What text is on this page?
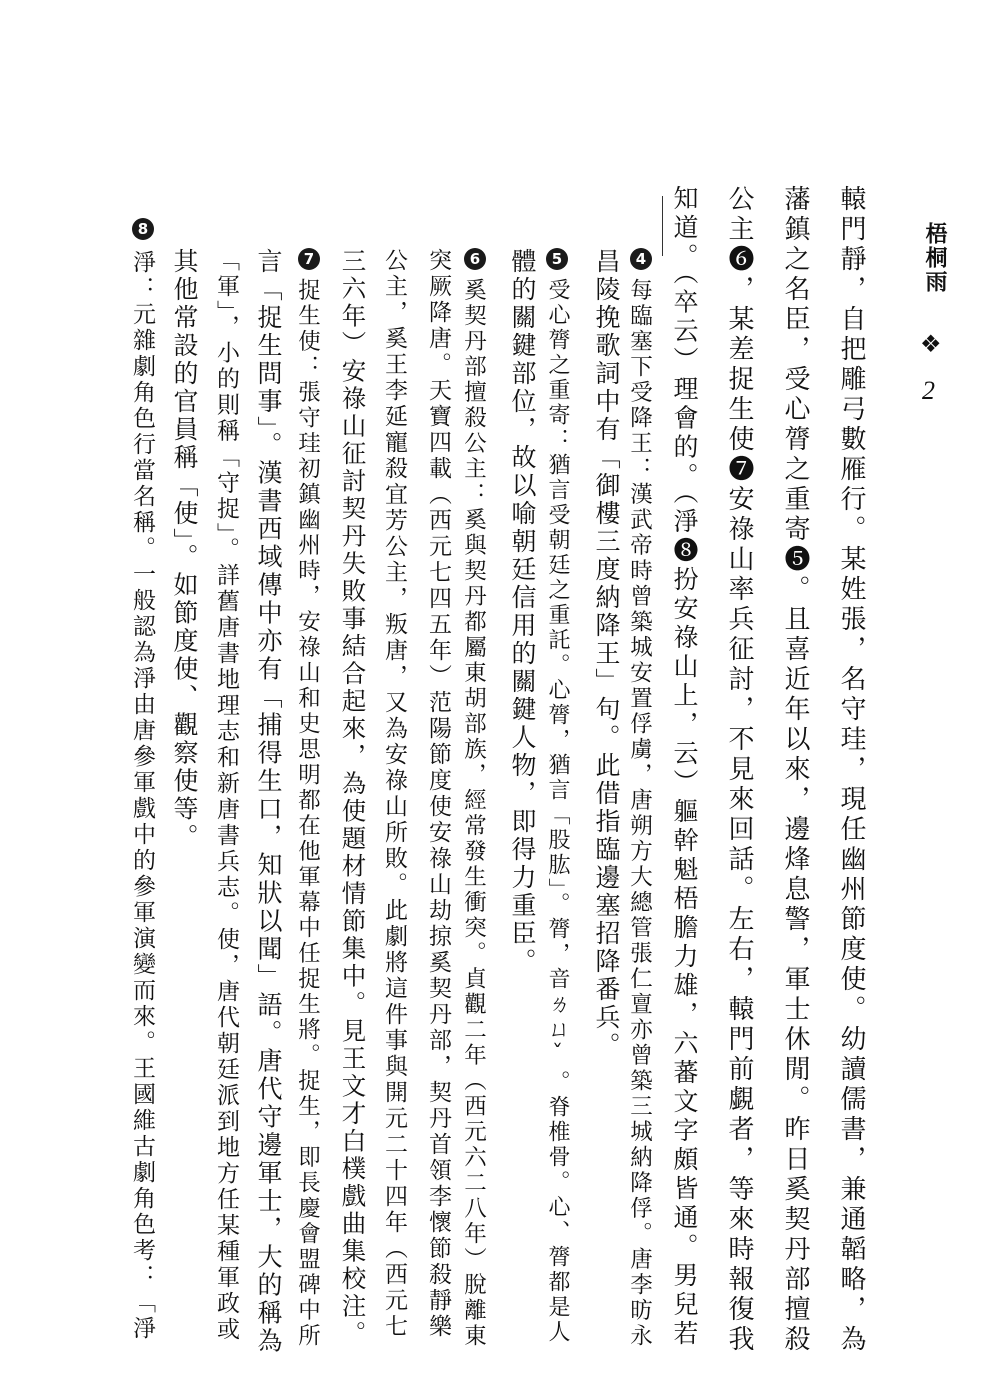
梧桐雨
❖
2
轅門靜，自把雕弓數雁行。某姓張，名守珪，現任幽州節度使。幼讀儒書，兼通韜略，為
藩鎮之名臣，受心膂之重寄❺。且喜近年以來，邊烽息警，軍士休閒。昨日奚契丹部擅殺
公主❻，某差捉生使❼安祿山率兵征討，不見來回話。左右，轅門前覷者，等來時報復我
知道。（卒云）理會的。（淨❽扮安祿山上，云）軀幹魁梧膽力雄，六蕃文字頗皆通。男兒若
4
每臨塞下受降王：漢武帝時曾築城安置俘虜，唐朔方大總管張仁亶亦曾築三城納降俘。唐李昉永
昌陵挽歌詞中有「御樓三度納降王」句。此借指臨邊塞招降番兵。
5
受心膂之重寄：猶言受朝廷之重託。心膂，猶言「股肱」。膂，音ㄌㄩˇ。脊椎骨。心、膂都是人
體的關鍵部位，故以喻朝廷信用的關鍵人物，即得力重臣。
6
奚契丹部擅殺公主：奚與契丹都屬東胡部族，經常發生衝突。貞觀二年（西元六二八年）脫離東
突厥降唐。天寶四載（西元七四五年）范陽節度使安祿山劫掠奚契丹部，契丹首領李懷節殺靜樂
公主，奚王李延寵殺宜芳公主，叛唐，又為安祿山所敗。此劇將這件事與開元二十四年（西元七
三六年）安祿山征討契丹失敗事結合起來，為使題材情節集中。見王文才白樸戲曲集校注。
7
捉生使：張守珪初鎮幽州時，安祿山和史思明都在他軍幕中任捉生將。捉生，即長慶會盟碑中所
言「捉生問事」。漢書西域傳中亦有「捕得生口，知狀以聞」語。唐代守邊軍士，大的稱為
「軍」，小的則稱「守捉」。詳舊唐書地理志和新唐書兵志。使，唐代朝廷派到地方任某種軍政或
其他常設的官員稱「使」。如節度使、觀察使等。
8
淨：元雜劇角色行當名稱。一般認為淨由唐參軍戲中的參軍演變而來。王國維古劇角色考：「淨
